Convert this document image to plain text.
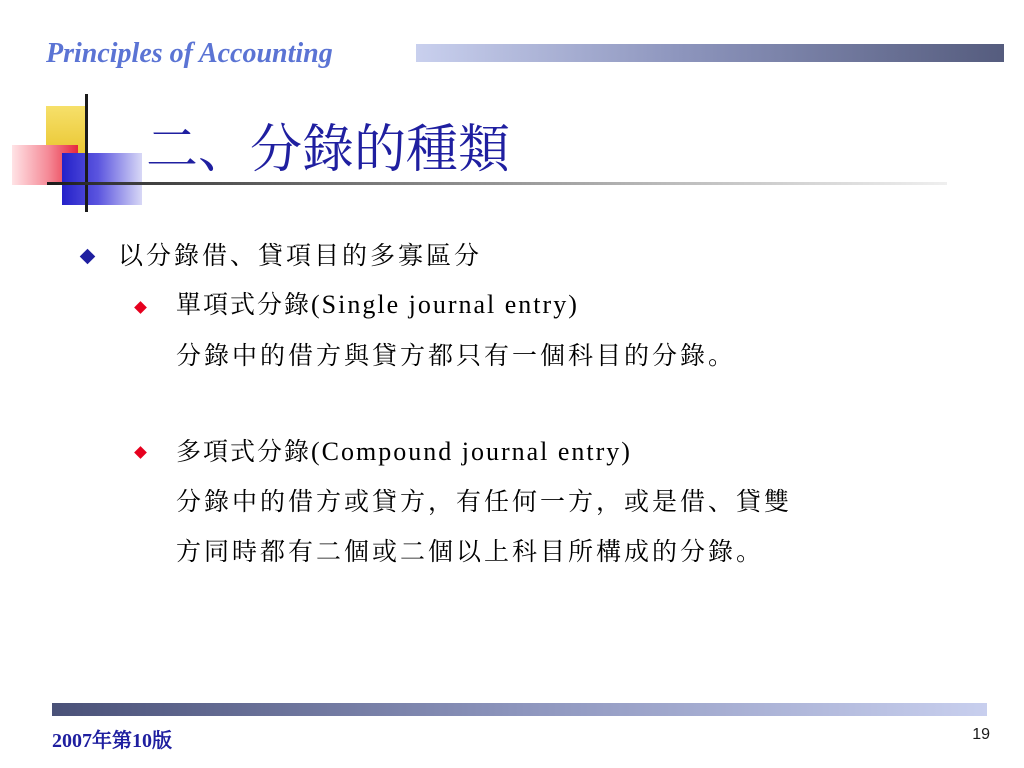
Principles of Accounting
二、分錄的種類

以分錄借、貸項目的多寡區分

單項式分錄(Single journal entry)

分錄中的借方與貸方都只有一個科目的分錄。

多項式分錄(Compound journal entry)

分錄中的借方或貸方，有任何一方，或是借、貸雙

方同時都有二個或二個以上科目所構成的分錄。

2007年第10版	19
